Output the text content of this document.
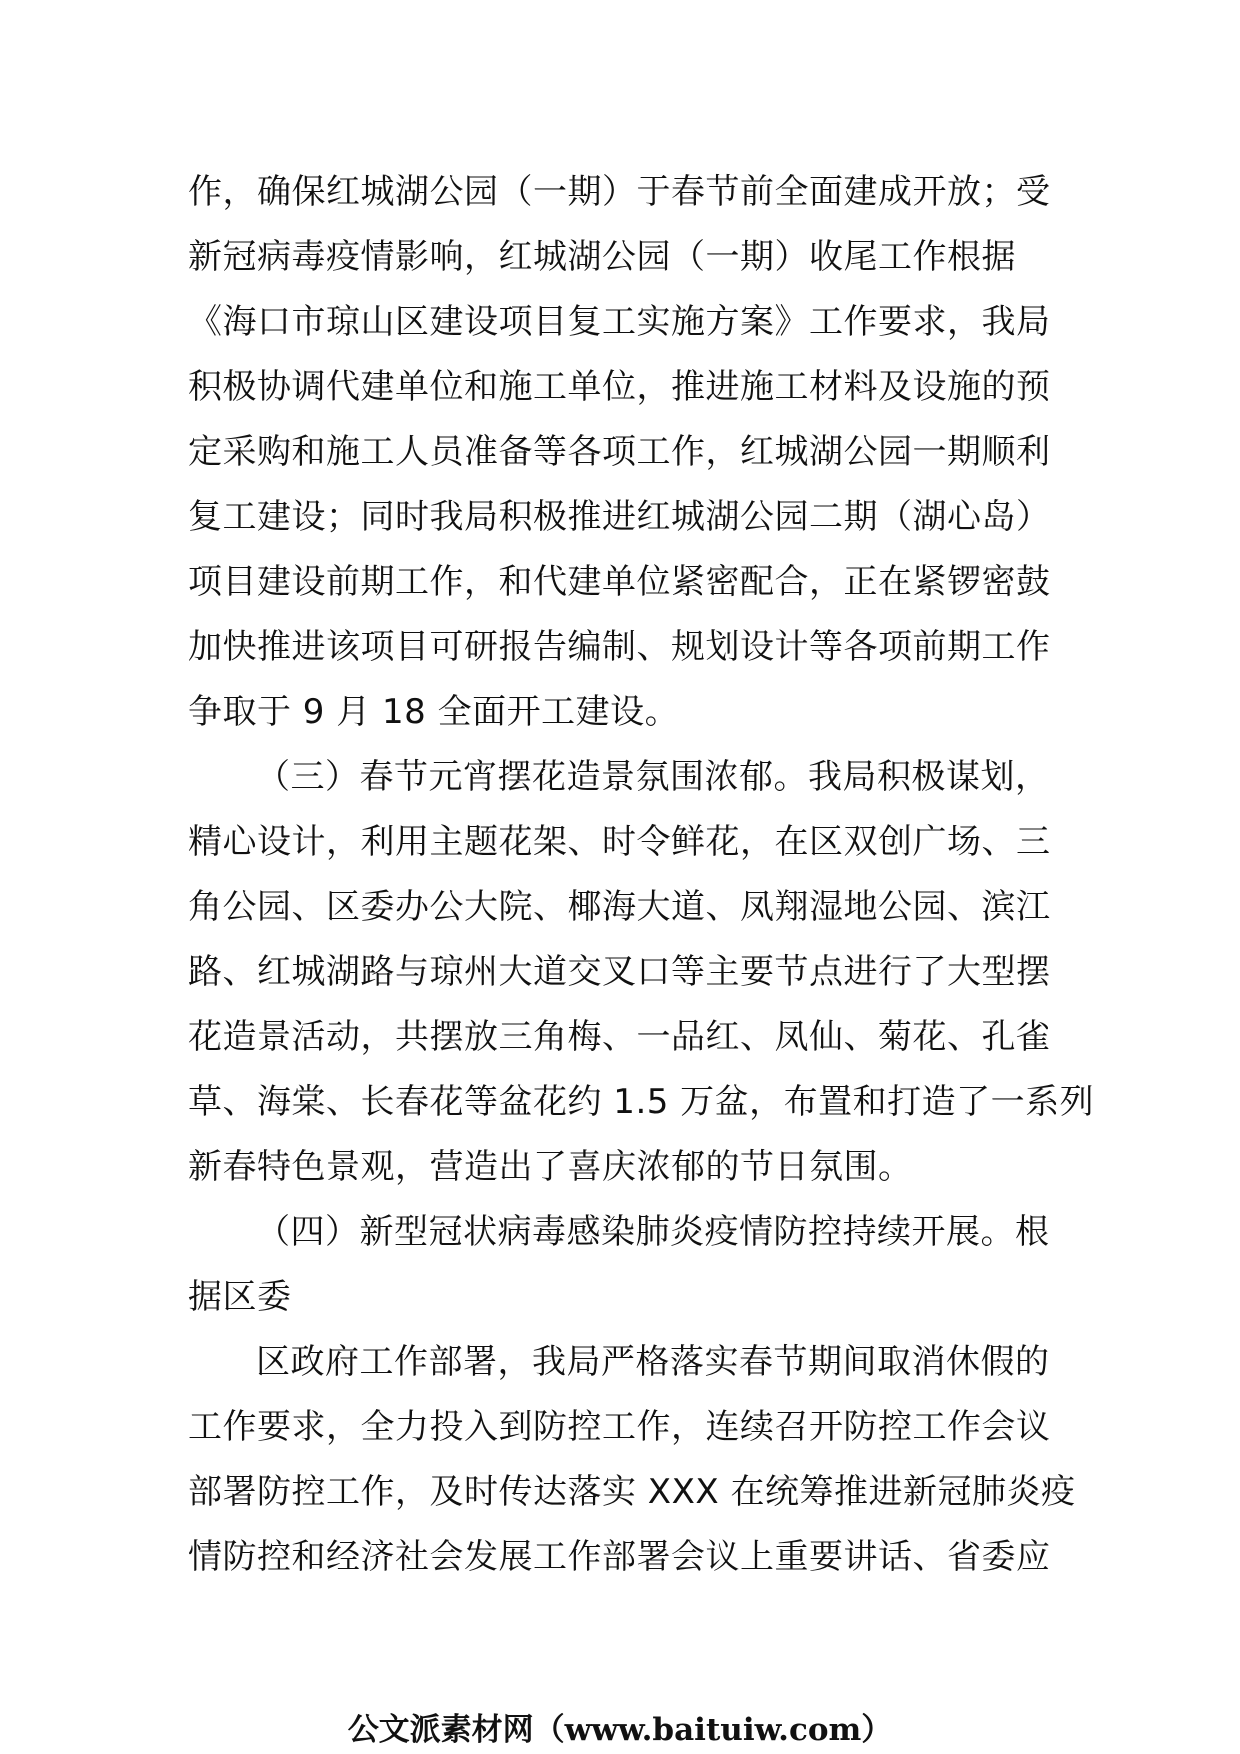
作，确保红城湖公园（一期）于春节前全面建成开放；受
新冠病毒疫情影响，红城湖公园（一期）收尾工作根据
《海口市琼山区建设项目复工实施方案》工作要求，我局
积极协调代建单位和施工单位，推进施工材料及设施的预
定采购和施工人员准备等各项工作，红城湖公园一期顺利
复工建设；同时我局积极推进红城湖公园二期（湖心岛）
项目建设前期工作，和代建单位紧密配合，正在紧锣密鼓
加快推进该项目可研报告编制、规划设计等各项前期工作
争取于 9 月 18 全面开工建设。
（三）春节元宵摆花造景氛围浓郁。我局积极谋划，
精心设计，利用主题花架、时令鲜花，在区双创广场、三
角公园、区委办公大院、椰海大道、凤翔湿地公园、滨江
路、红城湖路与琼州大道交叉口等主要节点进行了大型摆
花造景活动，共摆放三角梅、一品红、凤仙、菊花、孔雀
草、海棠、长春花等盆花约 1.5 万盆，布置和打造了一系列
新春特色景观，营造出了喜庆浓郁的节日氛围。
（四）新型冠状病毒感染肺炎疫情防控持续开展。根
据区委
区政府工作部署，我局严格落实春节期间取消休假的
工作要求，全力投入到防控工作，连续召开防控工作会议
部署防控工作，及时传达落实 XXX 在统筹推进新冠肺炎疫
情防控和经济社会发展工作部署会议上重要讲话、省委应
公文派素材网（www.baituiw.com）
